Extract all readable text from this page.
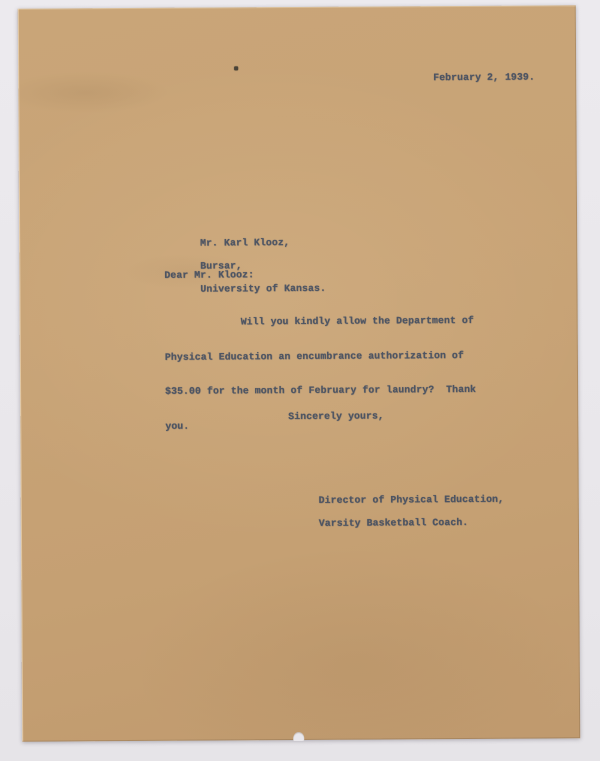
February 2, 1939.

Mr. Karl Klooz,

Bursar,

University of Kansas.

Dear Mr. Klooz:

Will you kindly allow the Department of

Physical Education an encumbrance authorization of

$35.00 for the month of February for laundry?  Thank

you.

Sincerely yours,

Director of Physical Education,

Varsity Basketball Coach.
